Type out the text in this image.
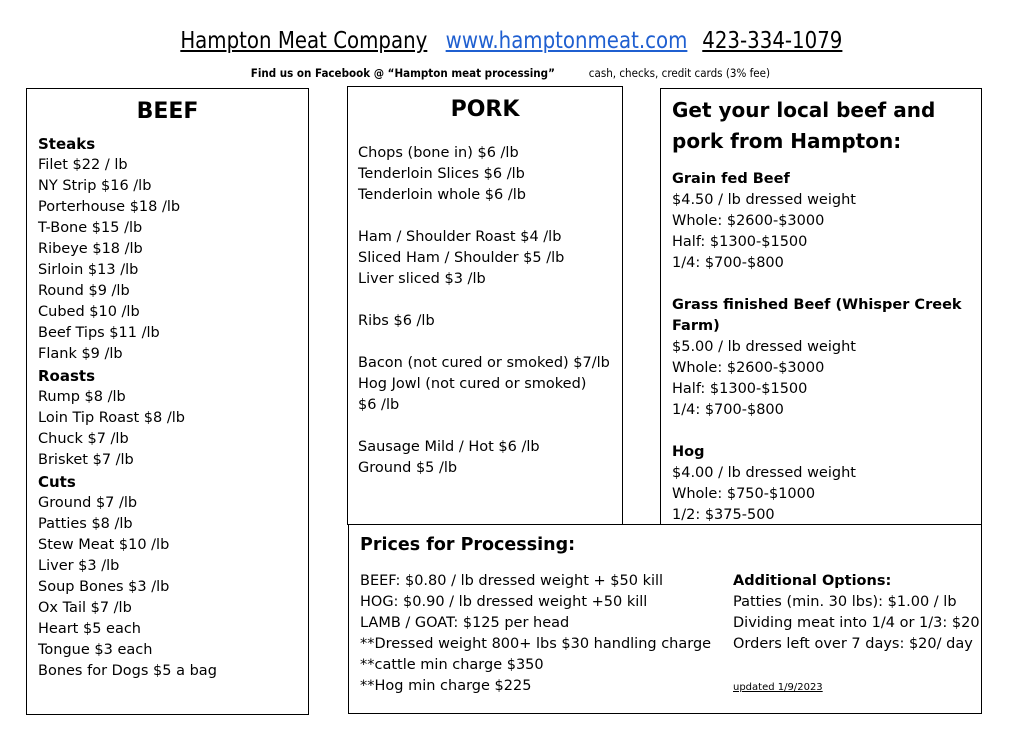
Hampton Meat Company www.hamptonmeat.com 423-334-1079
Find us on Facebook @ “Hampton meat processing”	cash, checks, credit cards (3% fee)
BEEF
Steaks
Filet $22 / lb
NY Strip $16 /lb
Porterhouse $18 /lb
T-Bone $15 /lb
Ribeye $18 /lb
Sirloin $13 /lb
Round $9 /lb
Cubed $10 /lb
Beef Tips $11 /lb
Flank $9 /lb
Roasts
Rump $8 /lb
Loin Tip Roast $8 /lb
Chuck $7 /lb
Brisket $7 /lb
Cuts
Ground $7 /lb
Patties $8 /lb
Stew Meat $10 /lb
Liver $3 /lb
Soup Bones $3 /lb
Ox Tail $7 /lb
Heart $5 each
Tongue $3 each
Bones for Dogs $5 a bag
PORK
Chops (bone in) $6 /lb
Tenderloin Slices $6 /lb
Tenderloin whole $6 /lb
Ham / Shoulder Roast $4 /lb
Sliced Ham / Shoulder $5 /lb
Liver sliced $3 /lb
Ribs $6 /lb
Bacon (not cured or smoked) $7/lb
Hog Jowl (not cured or smoked)
$6 /lb
Sausage Mild / Hot $6 /lb
Ground $5 /lb
Get your local beef and
pork from Hampton:
Grain fed Beef
$4.50 / lb dressed weight
Whole: $2600-$3000
Half: $1300-$1500
1/4: $700-$800
Grass finished Beef (Whisper Creek
Farm)
$5.00 / lb dressed weight
Whole: $2600-$3000
Half: $1300-$1500
1/4: $700-$800
Hog
$4.00 / lb dressed weight
Whole: $750-$1000
1/2: $375-500
Prices for Processing:
BEEF: $0.80 / lb dressed weight + $50 kill
HOG: $0.90 / lb dressed weight +50 kill
LAMB / GOAT: $125 per head
**Dressed weight 800+ lbs $30 handling charge
**cattle min charge $350
**Hog min charge $225
Additional Options:
Patties (min. 30 lbs): $1.00 / lb
Dividing meat into 1/4 or 1/3: $20
Orders left over 7 days: $20/ day
updated 1/9/2023
